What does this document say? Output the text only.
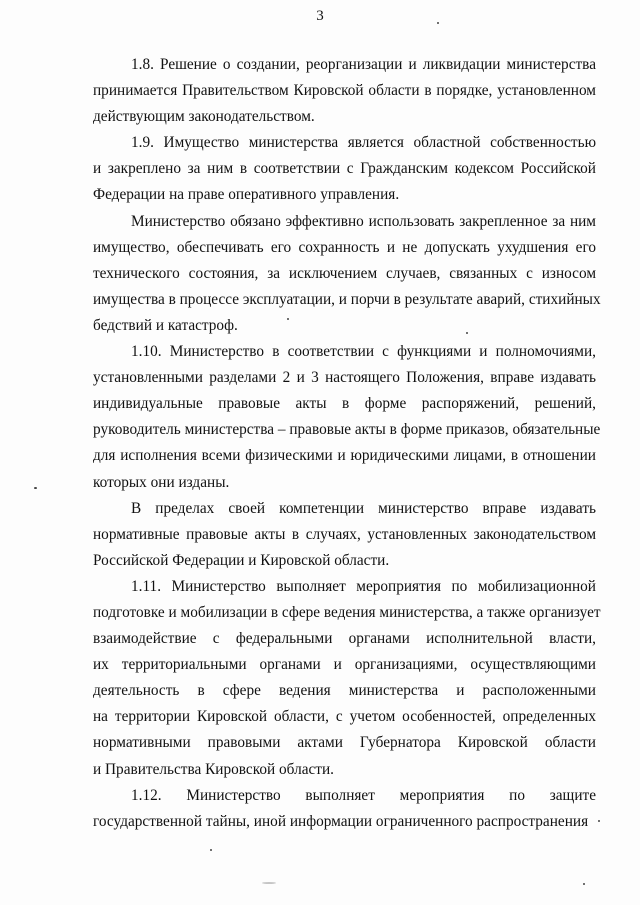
3
1.8. Решение о создании, реорганизации и ликвидации министерства
принимается Правительством Кировской области в порядке, установленном
действующим законодательством.
1.9. Имущество министерства является областной собственностью
и закреплено за ним в соответствии с Гражданским кодексом Российской
Федерации на праве оперативного управления.
Министерство обязано эффективно использовать закрепленное за ним
имущество, обеспечивать его сохранность и не допускать ухудшения его
технического состояния, за исключением случаев, связанных с износом
имущества в процессе эксплуатации, и порчи в результате аварий, стихийных
бедствий и катастроф.
1.10. Министерство в соответствии с функциями и полномочиями,
установленными разделами 2 и 3 настоящего Положения, вправе издавать
индивидуальные правовые акты в форме распоряжений, решений,
руководитель министерства – правовые акты в форме приказов, обязательные
для исполнения всеми физическими и юридическими лицами, в отношении
которых они изданы.
В пределах своей компетенции министерство вправе издавать
нормативные правовые акты в случаях, установленных законодательством
Российской Федерации и Кировской области.
1.11. Министерство выполняет мероприятия по мобилизационной
подготовке и мобилизации в сфере ведения министерства, а также организует
взаимодействие с федеральными органами исполнительной власти,
их территориальными органами и организациями, осуществляющими
деятельность в сфере ведения министерства и расположенными
на территории Кировской области, с учетом особенностей, определенных
нормативными правовыми актами Губернатора Кировской области
и Правительства Кировской области.
1.12. Министерство выполняет мероприятия по защите
государственной тайны, иной информации ограниченного распространения
